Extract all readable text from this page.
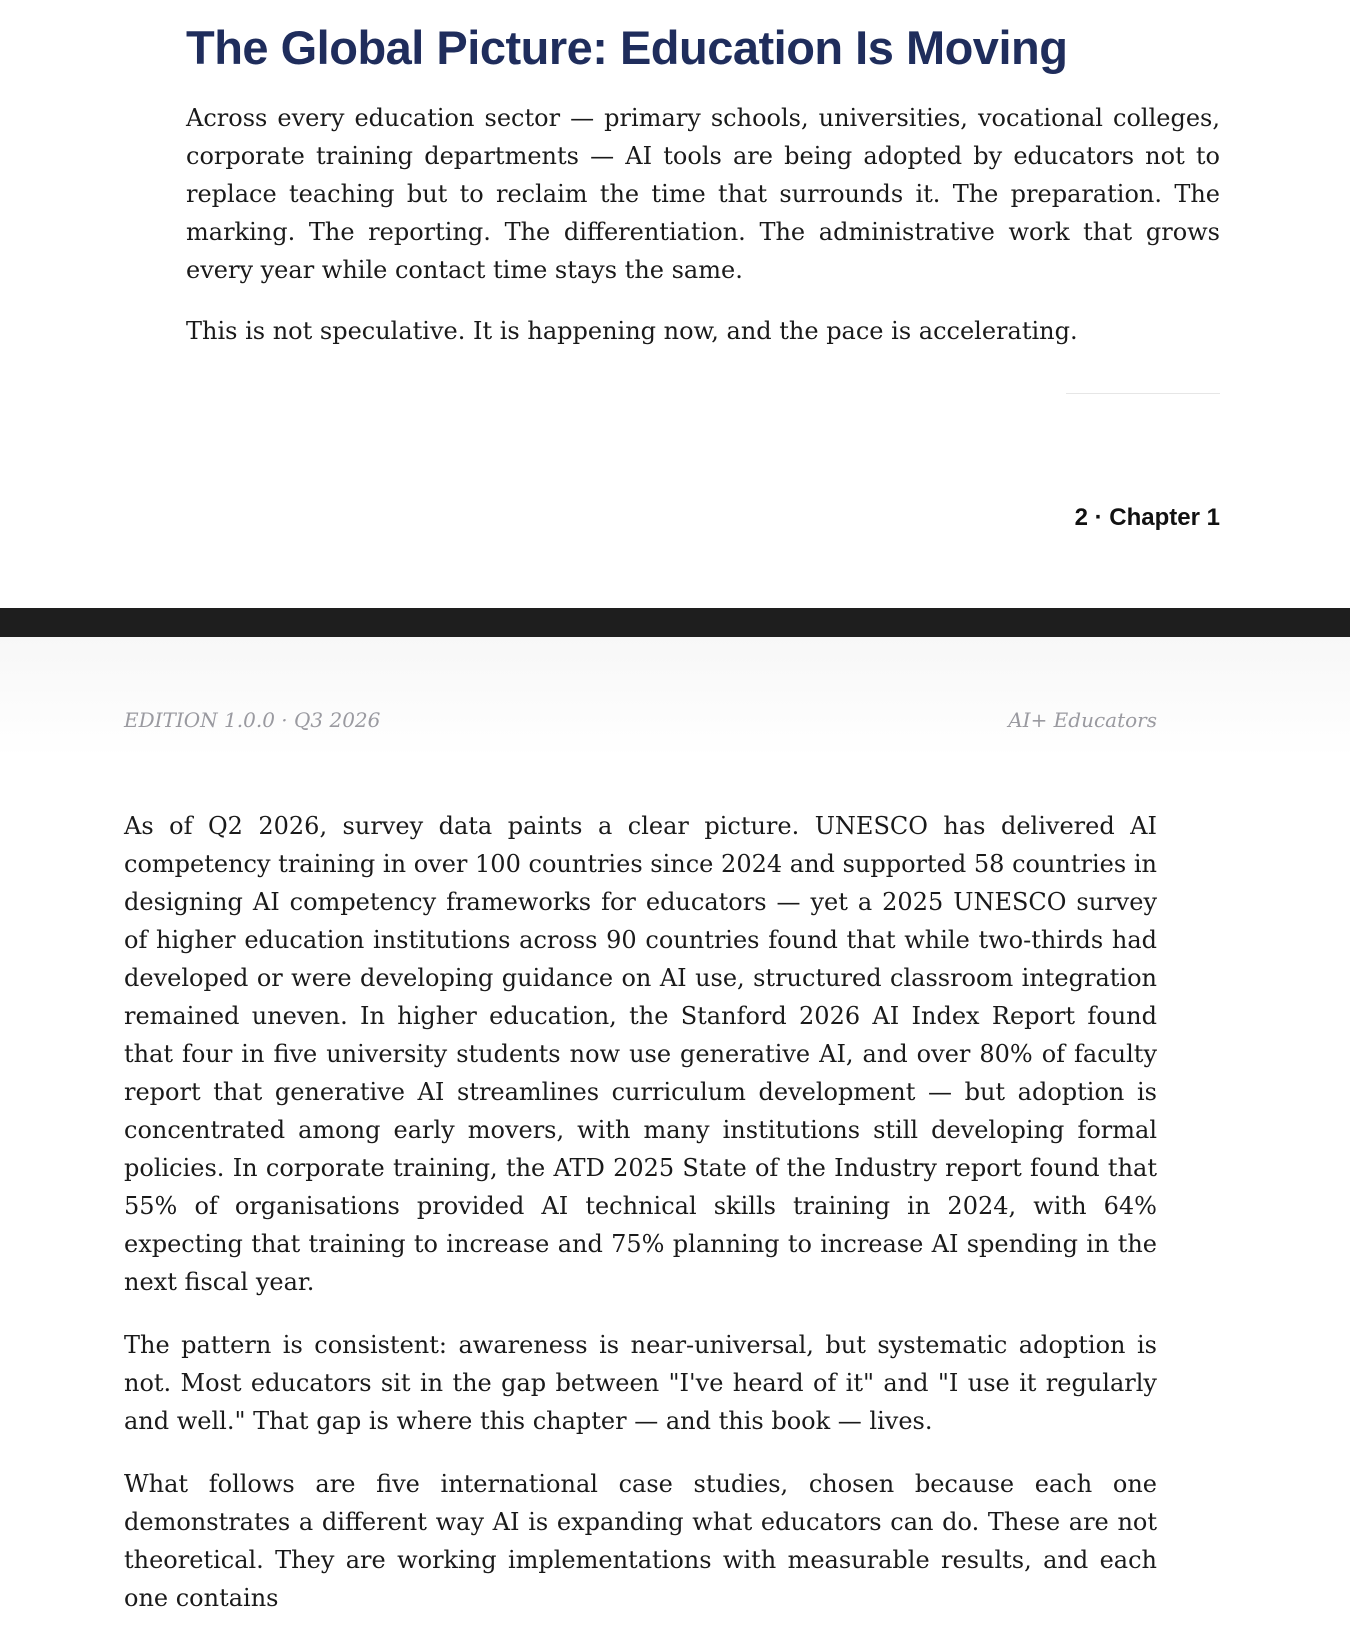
The Global Picture: Education Is Moving

Across every education sector — primary schools, universities, vocational colleges, corporate training departments — AI tools are being adopted by educators not to replace teaching but to reclaim the time that surrounds it. The preparation. The marking. The reporting. The differentiation. The administrative work that grows every year while contact time stays the same.

This is not speculative. It is happening now, and the pace is accelerating.

2 · Chapter 1
EDITION 1.0.0 · Q3 2026	AI+ Educators

As of Q2 2026, survey data paints a clear picture. UNESCO has delivered AI competency training in over 100 countries since 2024 and supported 58 countries in designing AI competency frameworks for educators — yet a 2025 UNESCO survey of higher education institutions across 90 countries found that while two-thirds had developed or were developing guidance on AI use, structured classroom integration remained uneven. In higher education, the Stanford 2026 AI Index Report found that four in five university students now use generative AI, and over 80% of faculty report that generative AI streamlines curriculum development — but adoption is concentrated among early movers, with many institutions still developing formal policies. In corporate training, the ATD 2025 State of the Industry report found that 55% of organisations provided AI technical skills training in 2024, with 64% expecting that training to increase and 75% planning to increase AI spending in the next fiscal year.

The pattern is consistent: awareness is near-universal, but systematic adoption is not. Most educators sit in the gap between "I've heard of it" and "I use it regularly and well." That gap is where this chapter — and this book — lives.

What follows are five international case studies, chosen because each one demonstrates a different way AI is expanding what educators can do. These are not theoretical. They are working implementations with measurable results, and each one contains
